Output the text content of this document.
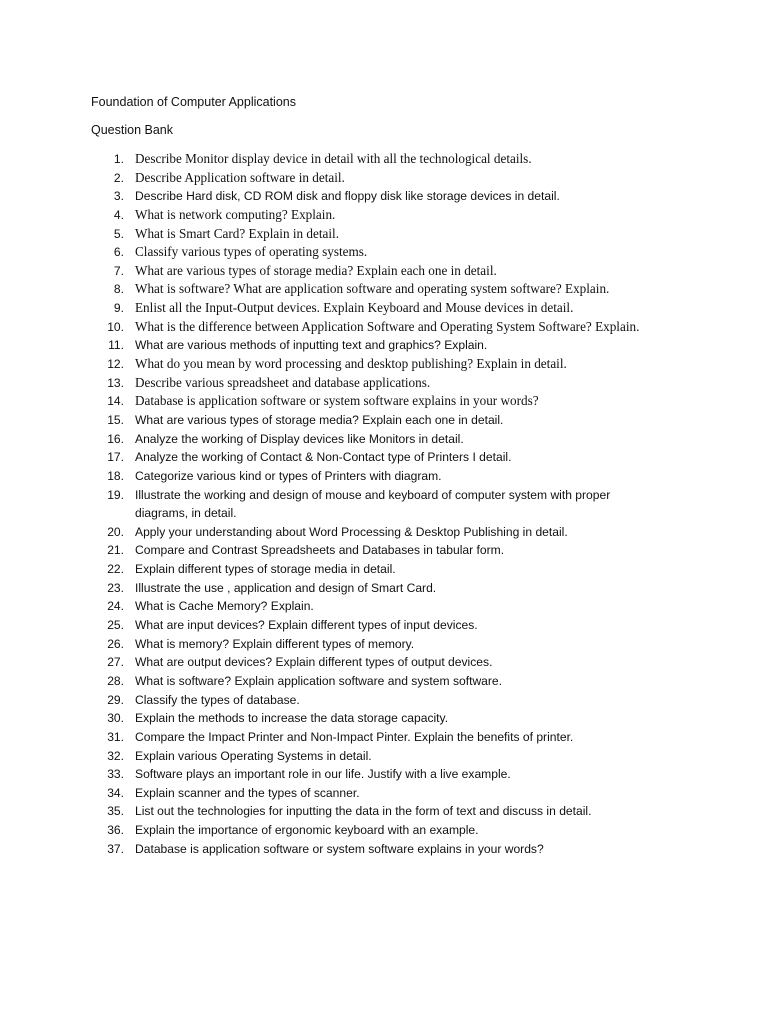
Foundation of Computer Applications
Question Bank
1. Describe Monitor display device in detail with all the technological details.
2. Describe Application software in detail.
3. Describe Hard disk, CD ROM disk and floppy disk like storage devices in detail.
4. What is network computing? Explain.
5. What is Smart Card? Explain in detail.
6. Classify various types of operating systems.
7. What are various types of storage media? Explain each one in detail.
8. What is software? What are application software and operating system software? Explain.
9. Enlist all the Input-Output devices. Explain Keyboard and Mouse devices in detail.
10. What is the difference between Application Software and Operating System Software? Explain.
11. What are various methods of inputting text and graphics? Explain.
12. What do you mean by word processing and desktop publishing? Explain in detail.
13. Describe various spreadsheet and database applications.
14. Database is application software or system software explains in your words?
15. What are various types of storage media? Explain each one in detail.
16. Analyze the working of Display devices like Monitors in detail.
17. Analyze the working of Contact & Non-Contact type of Printers I detail.
18. Categorize various kind or types of Printers with diagram.
19. Illustrate the working and design of mouse and keyboard of computer system with proper diagrams, in detail.
20. Apply your understanding about Word Processing & Desktop Publishing in detail.
21. Compare and Contrast Spreadsheets and Databases in tabular form.
22. Explain different types of storage media in detail.
23. Illustrate the use , application and design of Smart Card.
24. What is Cache Memory? Explain.
25. What are input devices? Explain different types of input devices.
26. What is memory? Explain different types of memory.
27. What are output devices? Explain different types of output devices.
28. What is software? Explain application software and system software.
29. Classify the types of database.
30. Explain the methods to increase the data storage capacity.
31. Compare the Impact Printer and Non-Impact Pinter. Explain the benefits of printer.
32. Explain various Operating Systems in detail.
33. Software plays an important role in our life. Justify with a live example.
34. Explain scanner and the types of scanner.
35. List out the technologies for inputting the data in the form of text and discuss in detail.
36. Explain the importance of ergonomic keyboard with an example.
37. Database is application software or system software explains in your words?
